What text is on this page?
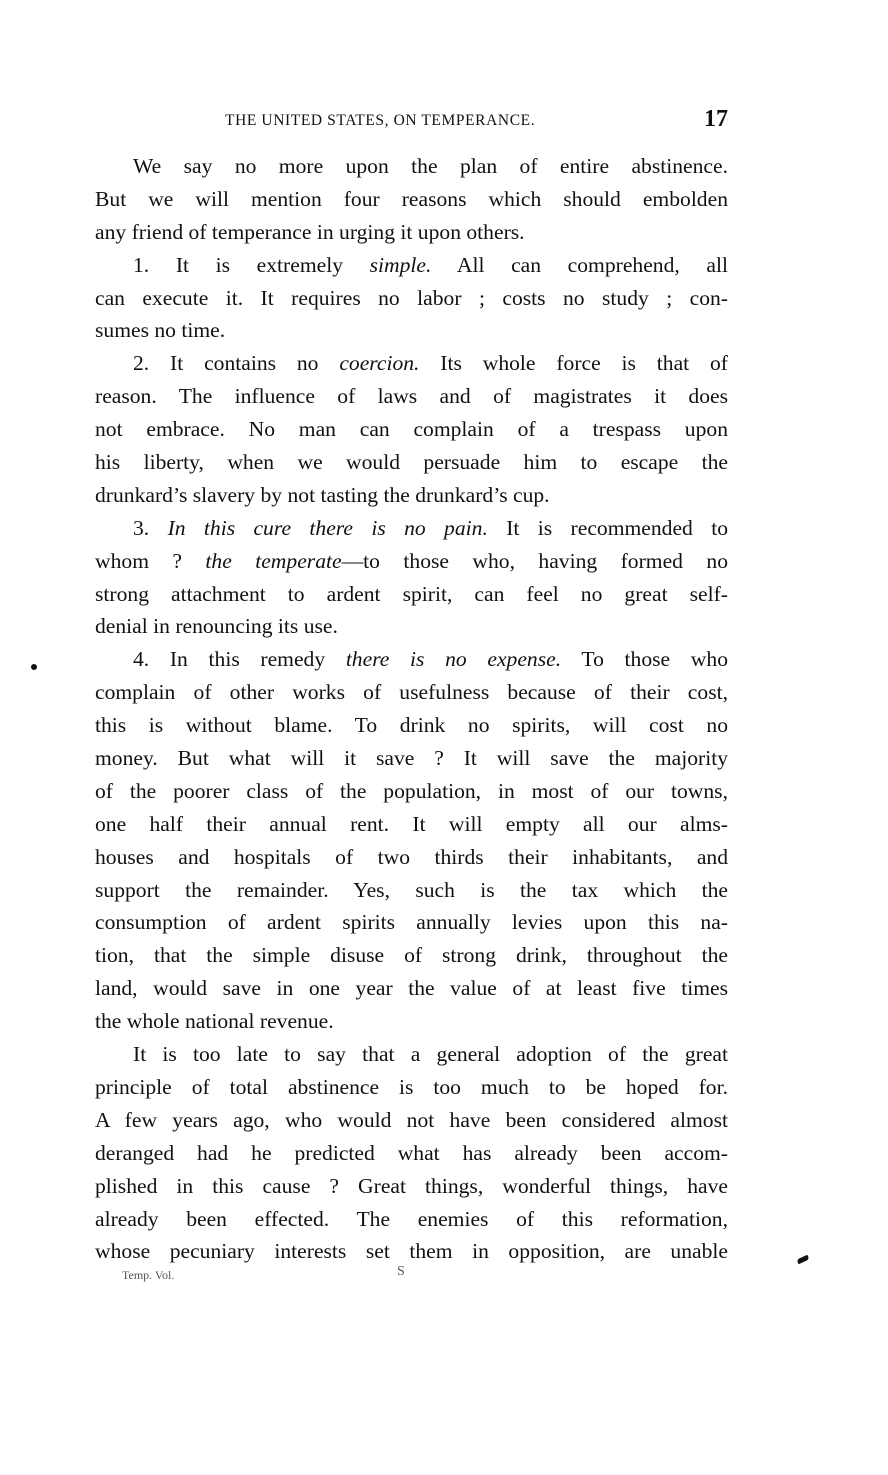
THE UNITED STATES, ON TEMPERANCE.	17
We say no more upon the plan of entire abstinence.
But we will mention four reasons which should embolden
any friend of temperance in urging it upon others.
1. It is extremely simple. All can comprehend, all
can execute it. It requires no labor ; costs no study ; con-
sumes no time.
2. It contains no coercion. Its whole force is that of
reason. The influence of laws and of magistrates it does
not embrace. No man can complain of a trespass upon
his liberty, when we would persuade him to escape the
drunkard’s slavery by not tasting the drunkard’s cup.
3. In this cure there is no pain. It is recommended to
whom ? the temperate—to those who, having formed no
strong attachment to ardent spirit, can feel no great self-
denial in renouncing its use.
4. In this remedy there is no expense. To those who
complain of other works of usefulness because of their cost,
this is without blame. To drink no spirits, will cost no
money. But what will it save ? It will save the majority
of the poorer class of the population, in most of our towns,
one half their annual rent. It will empty all our alms-
houses and hospitals of two thirds their inhabitants, and
support the remainder. Yes, such is the tax which the
consumption of ardent spirits annually levies upon this na-
tion, that the simple disuse of strong drink, throughout the
land, would save in one year the value of at least five times
the whole national revenue.
It is too late to say that a general adoption of the great
principle of total abstinence is too much to be hoped for.
A few years ago, who would not have been considered almost
deranged had he predicted what has already been accom-
plished in this cause ? Great things, wonderful things, have
already been effected. The enemies of this reformation,
whose pecuniary interests set them in opposition, are unable
Temp. Vol.	S
